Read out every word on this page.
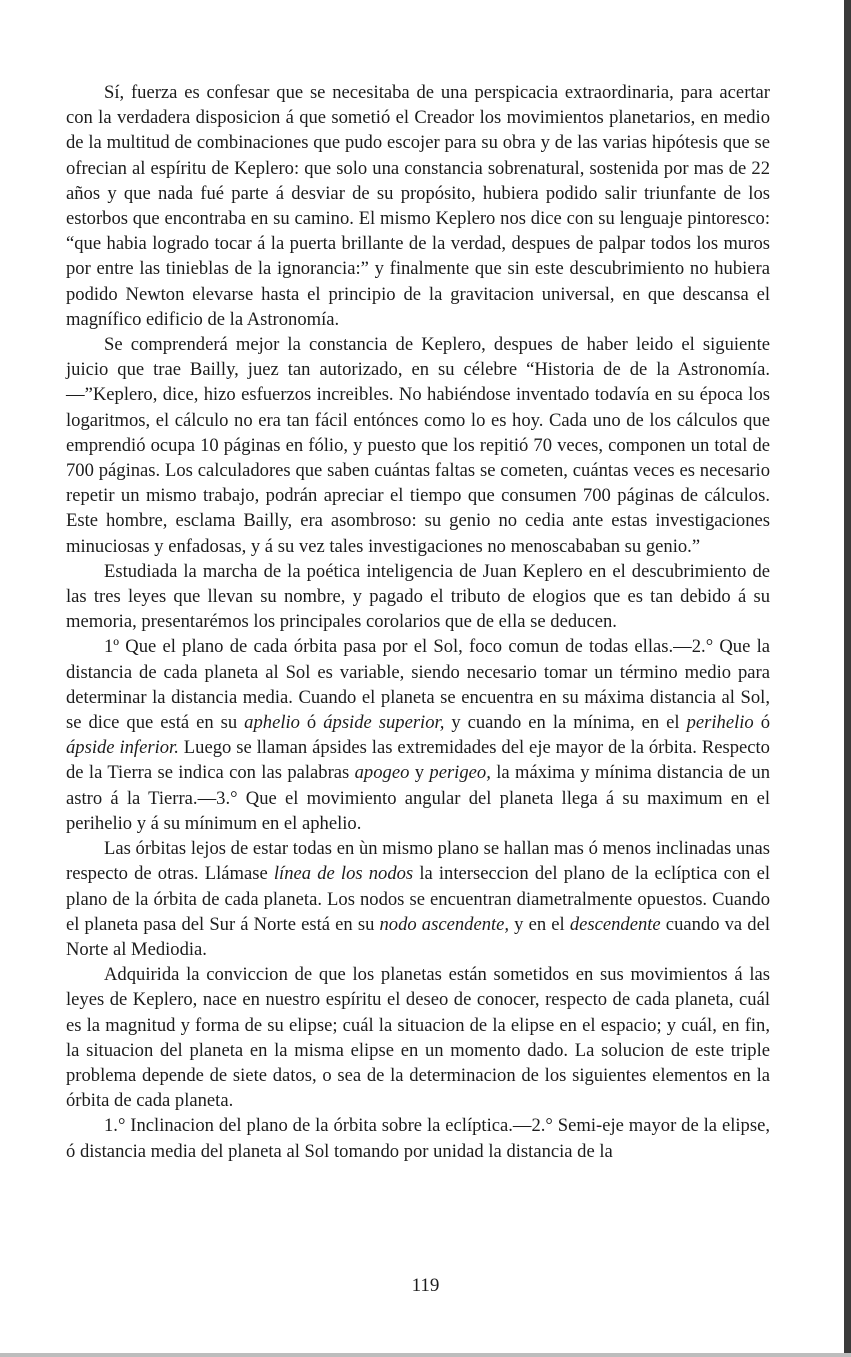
Sí, fuerza es confesar que se necesitaba de una perspicacia extraordinaria, para acertar con la verdadera disposicion á que sometió el Creador los movimientos planetarios, en medio de la multitud de combinaciones que pudo escojer para su obra y de las varias hipótesis que se ofrecian al espíritu de Keplero: que solo una constancia sobrenatural, sostenida por mas de 22 años y que nada fué parte á desviar de su propósito, hubiera podido salir triunfante de los estorbos que encontraba en su camino. El mismo Keplero nos dice con su lenguaje pintoresco: “que habia logrado tocar á la puerta brillante de la verdad, despues de palpar todos los muros por entre las tinieblas de la ignorancia:” y finalmente que sin este descubrimiento no hubiera podido Newton elevarse hasta el principio de la gravitacion universal, en que descansa el magnífico edificio de la Astronomía.

Se comprenderá mejor la constancia de Keplero, despues de haber leido el siguiente juicio que trae Bailly, juez tan autorizado, en su célebre “Historia de de la Astronomía.—”Keplero, dice, hizo esfuerzos increibles. No habiéndose inventado todavía en su época los logaritmos, el cálculo no era tan fácil entónces como lo es hoy. Cada uno de los cálculos que emprendió ocupa 10 páginas en fólio, y puesto que los repitió 70 veces, componen un total de 700 páginas. Los calculadores que saben cuántas faltas se cometen, cuántas veces es necesario repetir un mismo trabajo, podrán apreciar el tiempo que consumen 700 páginas de cálculos. Este hombre, esclama Bailly, era asombroso: su genio no cedia ante estas investigaciones minuciosas y enfadosas, y á su vez tales investigaciones no menoscababan su genio.”

Estudiada la marcha de la poética inteligencia de Juan Keplero en el descubrimiento de las tres leyes que llevan su nombre, y pagado el tributo de elogios que es tan debido á su memoria, presentarémos los principales corolarios que de ella se deducen.

1º Que el plano de cada órbita pasa por el Sol, foco comun de todas ellas.—2.° Que la distancia de cada planeta al Sol es variable, siendo necesario tomar un término medio para determinar la distancia media. Cuando el planeta se encuentra en su máxima distancia al Sol, se dice que está en su aphelio ó ápside superior, y cuando en la mínima, en el perihelio ó ápside inferior. Luego se llaman ápsides las extremidades del eje mayor de la órbita. Respecto de la Tierra se indica con las palabras apogeo y perigeo, la máxima y mínima distancia de un astro á la Tierra.—3.° Que el movimiento angular del planeta llega á su maximum en el perihelio y á su mínimum en el aphelio.

Las órbitas lejos de estar todas en ùn mismo plano se hallan mas ó menos inclinadas unas respecto de otras. Llámase línea de los nodos la interseccion del plano de la eclíptica con el plano de la órbita de cada planeta. Los nodos se encuentran diametralmente opuestos. Cuando el planeta pasa del Sur á Norte está en su nodo ascendente, y en el descendente cuando va del Norte al Mediodia.

Adquirida la conviccion de que los planetas están sometidos en sus movimientos á las leyes de Keplero, nace en nuestro espíritu el deseo de conocer, respecto de cada planeta, cuál es la magnitud y forma de su elipse; cuál la situacion de la elipse en el espacio; y cuál, en fin, la situacion del planeta en la misma elipse en un momento dado. La solucion de este triple problema depende de siete datos, o sea de la determinacion de los siguientes elementos en la órbita de cada planeta.

1.° Inclinacion del plano de la órbita sobre la eclíptica.—2.° Semi-eje mayor de la elipse, ó distancia media del planeta al Sol tomando por unidad la distancia de la

119
